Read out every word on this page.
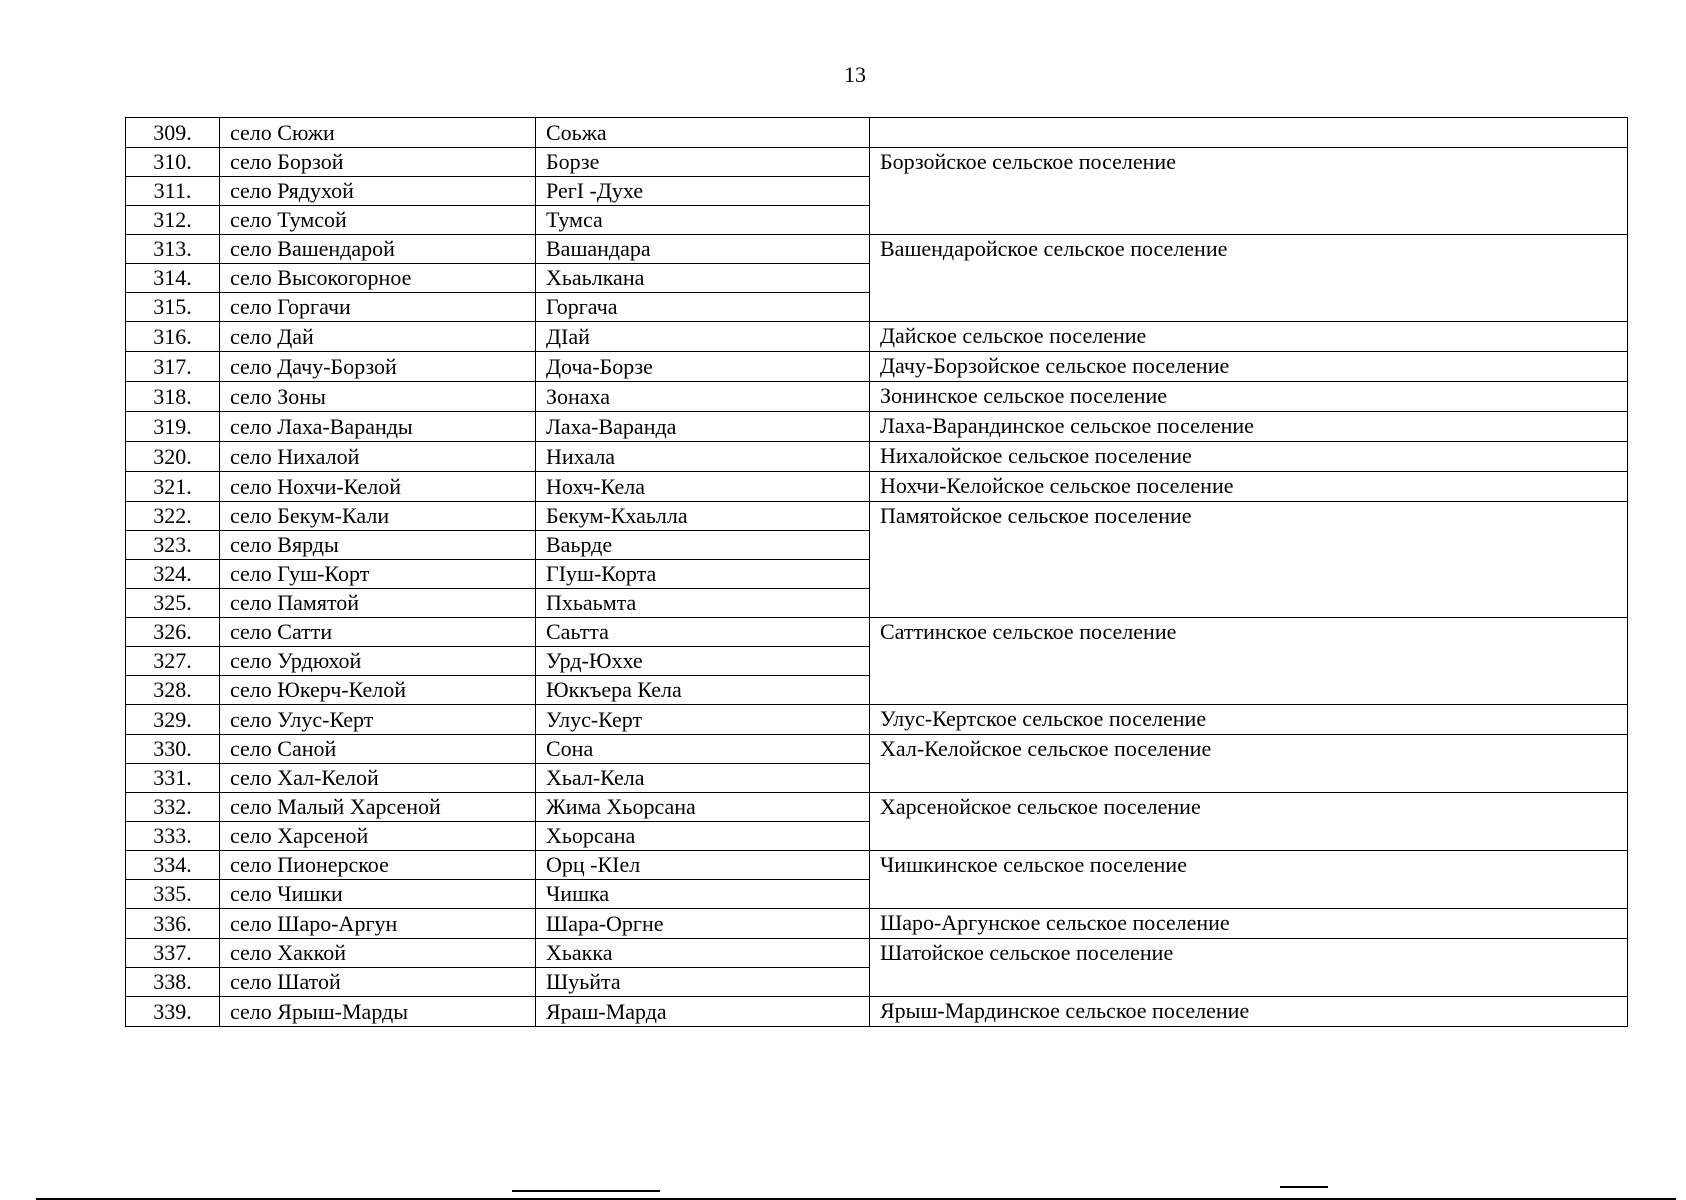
13
309.	село Сюжи	Соьжа	
310.	село Борзой	Борзе	Борзойское сельское поселение
311.	село Рядухой	РегI -Духе	
312.	село Тумсой	Тумса	
313.	село Вашендарой	Вашандара	Вашендаройское сельское поселение
314.	село Высокогорное	Хьаьлкана	
315.	село Горгачи	Горгача	
316.	село Дай	ДIай	Дайское сельское поселение
317.	село Дачу-Борзой	Доча-Борзе	Дачу-Борзойское сельское поселение
318.	село Зоны	Зонаха	Зонинское сельское поселение
319.	село Лаха-Варанды	Лаха-Варанда	Лаха-Варандинское сельское поселение
320.	село Нихалой	Нихала	Нихалойское сельское поселение
321.	село Нохчи-Келой	Нохч-Кела	Нохчи-Келойское сельское поселение
322.	село Бекум-Кали	Бекум-Кхаьлла	Памятойское сельское поселение
323.	село Вярды	Ваьрде	
324.	село Гуш-Корт	ГIуш-Корта	
325.	село Памятой	Пхьаьмта	
326.	село Сатти	Саьтта	Саттинское сельское поселение
327.	село Урдюхой	Урд-Юххе	
328.	село Юкерч-Келой	Юккъера Кела	
329.	село Улус-Керт	Улус-Керт	Улус-Кертское сельское поселение
330.	село Саной	Сона	Хал-Келойское сельское поселение
331.	село Хал-Келой	Хьал-Кела	
332.	село Малый Харсеной	Жима Хьорсана	Харсенойское сельское поселение
333.	село Харсеной	Хьорсана	
334.	село Пионерское	Орц -КIел	Чишкинское сельское поселение
335.	село Чишки	Чишка	
336.	село Шаро-Аргун	Шара-Оргне	Шаро-Аргунское сельское поселение
337.	село Хаккой	Хьакка	Шатойское сельское поселение
338.	село Шатой	Шуьйта	
339.	село Ярыш-Марды	Яраш-Марда	Ярыш-Мардинское сельское поселение
